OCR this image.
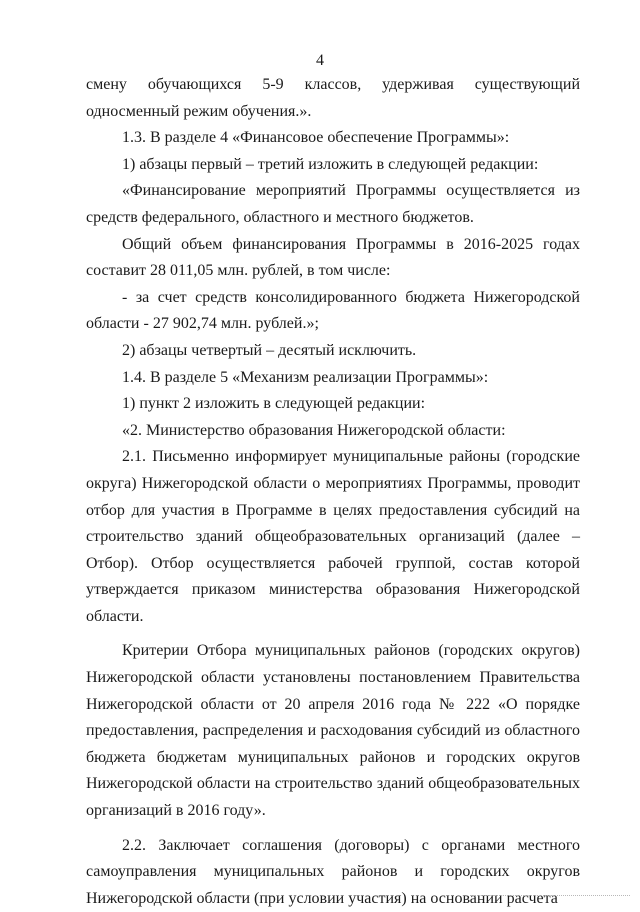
4

смену обучающихся 5-9 классов, удерживая существующий односменный режим обучения.».

1.3. В разделе 4 «Финансовое обеспечение Программы»:

1) абзацы первый – третий изложить в следующей редакции:

«Финансирование мероприятий Программы осуществляется из средств федерального, областного и местного бюджетов.

Общий объем финансирования Программы в 2016-2025 годах составит 28 011,05 млн. рублей, в том числе:

- за счет средств консолидированного бюджета Нижегородской области - 27 902,74 млн. рублей.»;

2) абзацы четвертый – десятый исключить.

1.4. В разделе 5 «Механизм реализации Программы»:

1) пункт 2 изложить в следующей редакции:

«2. Министерство образования Нижегородской области:

2.1. Письменно информирует муниципальные районы (городские округа) Нижегородской области о мероприятиях Программы, проводит отбор для участия в Программе в целях предоставления субсидий на строительство зданий общеобразовательных организаций (далее – Отбор). Отбор осуществляется рабочей группой, состав которой утверждается приказом министерства образования Нижегородской области.

Критерии Отбора муниципальных районов (городских округов) Нижегородской области установлены постановлением Правительства Нижегородской области от 20 апреля 2016 года № 222 «О порядке предоставления, распределения и расходования субсидий из областного бюджета бюджетам муниципальных районов и городских округов Нижегородской области на строительство зданий общеобразовательных организаций в 2016 году».

2.2. Заключает соглашения (договоры) с органами местного самоуправления муниципальных районов и городских округов Нижегородской области (при условии участия) на основании расчета
